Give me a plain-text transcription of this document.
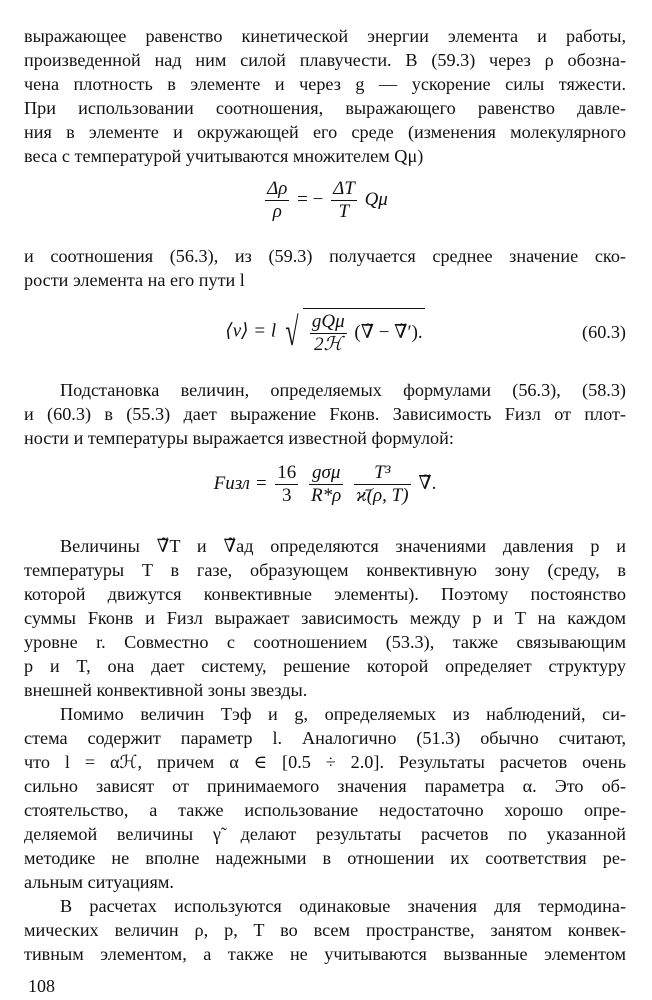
выражающее равенство кинетической энергии элемента и работы,
произведенной над ним силой плавучести. В (59.3) через ρ обозна-
чена плотность в элементе и через g — ускорение силы тяжести.
При использовании соотношения, выражающего равенство давле-
ния в элементе и окружающей его среде (изменения молекулярного
веса с температурой учитываются множителем Qμ)
$\frac{\Delta\rho}{\rho}$ = − $\frac{\Delta T}{T}$ Qμ
и соотношения (56.3), из (59.3) получается среднее значение ско-
рости элемента на его пути l
⟨v⟩ = l √ $\frac{\text{gQμ}}{\text{2ℋ}}$ (∇̃ − ∇̃′).	(60.3)
Подстановка величин, определяемых формулами (56.3), (58.3)
и (60.3) в (55.3) дает выражение Fконв. Зависимость Fизл от плот-
ности и температуры выражается известной формулой:
Fизл = $\frac{16}{3}$
$\frac{\text{gσμ}}{R*\rho}$
$\frac{\text{T³}}{ϰ̄(\rho, T)}$ ∇̃.
Величины ∇̃T и ∇̃ад определяются значениями давления p и
температуры T в газе, образующем конвективную зону (среду, в
которой движутся конвективные элементы). Поэтому постоянство
суммы Fконв и Fизл выражает зависимость между p и T на каждом
уровне r. Совместно с соотношением (53.3), также связывающим
p и T, она дает систему, решение которой определяет структуру
внешней конвективной зоны звезды.
Помимо величин Tэф и g, определяемых из наблюдений, си-
стема содержит параметр l. Аналогично (51.3) обычно считают,
что l = αℋ, причем α ∈ [0.5 ÷ 2.0]. Результаты расчетов очень
сильно зависят от принимаемого значения параметра α. Это об-
стоятельство, а также использование недостаточно хорошо опре-
деляемой величины γ̃ делают результаты расчетов по указанной
методике не вполне надежными в отношении их соответствия ре-
альным ситуациям.
В расчетах используются одинаковые значения для термодина-
мических величин ρ, p, T во всем пространстве, занятом конвек-
тивным элементом, а также не учитываются вызванные элементом
108
